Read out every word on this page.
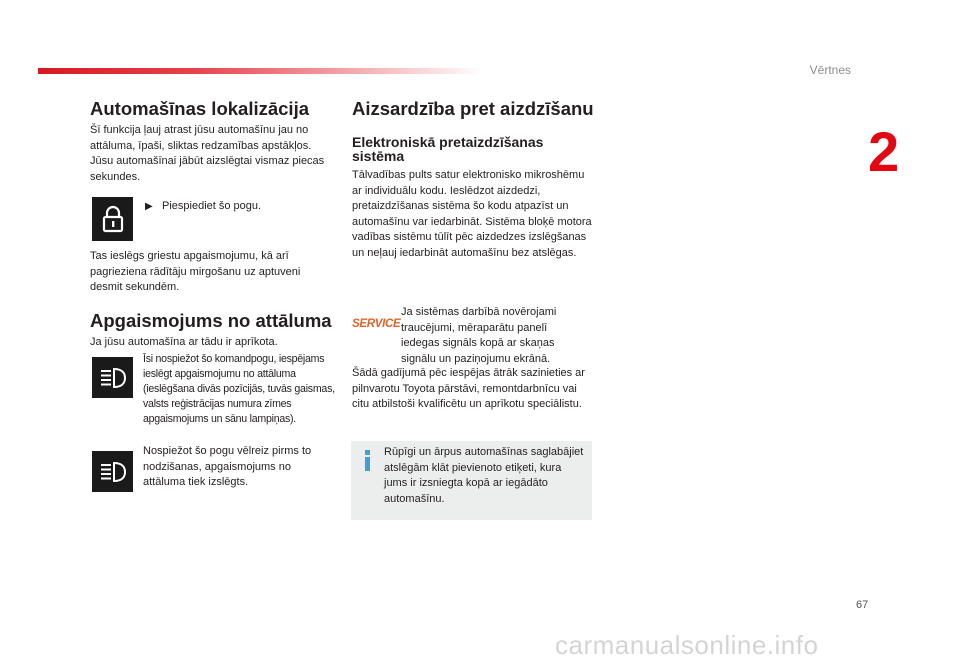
Vērtnes
2
Automašīnas lokalizācija

Šī funkcija ļauj atrast jūsu automašīnu jau no attāluma, īpaši, sliktas redzamības apstākļos. Jūsu automašīnai jābūt aizslēgtai vismaz piecas sekundes.

▶ Piespiediet šo pogu.

Tas ieslēgs griestu apgaismojumu, kā arī pagrieziena rādītāju mirgošanu uz aptuveni desmit sekundēm.

Apgaismojums no attāluma

Ja jūsu automašīna ar tādu ir aprīkota.

Īsi nospiežot šo komandpogu, iespējams ieslēgt apgaismojumu no attāluma (ieslēgšana divās pozīcijās, tuvās gaismas, valsts reģistrācijas numura zīmes apgaismojums un sānu lampiņas).

Nospiežot šo pogu vēlreiz pirms to nodzišanas, apgaismojums no attāluma tiek izslēgts.

Aizsardzība pret aizdzīšanu
Elektroniskā pretaizdzīšanas sistēma

Tālvadības pults satur elektronisko mikroshēmu ar individuālu kodu. Ieslēdzot aizdedzi, pretaizdzīšanas sistēma šo kodu atpazīst un automašīnu var iedarbināt. Sistēma bloķē motora vadības sistēmu tūlīt pēc aizdedzes izslēgšanas un neļauj iedarbināt automašīnu bez atslēgas.

SERVICE

Ja sistēmas darbībā novērojami traucējumi, mēraparātu panelī iedegas signāls kopā ar skaņas signālu un paziņojumu ekrānā.

Šādā gadījumā pēc iespējas ātrāk sazinieties ar pilnvarotu Toyota pārstāvi, remontdarbnīcu vai citu atbilstoši kvalificētu un aprīkotu speciālistu.

Rūpīgi un ārpus automašīnas saglabājiet atslēgām klāt pievienoto etiķeti, kura jums ir izsniegta kopā ar iegādāto automašīnu.

67
carmanualsonline.info
